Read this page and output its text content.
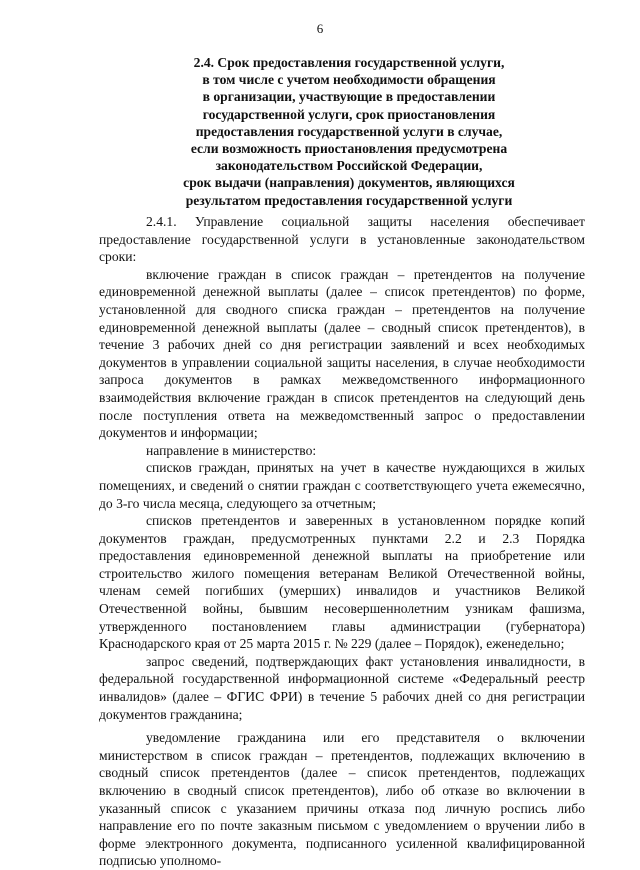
6
2.4. Срок предоставления государственной услуги,
в том числе с учетом необходимости обращения
в организации, участвующие в предоставлении
государственной услуги, срок приостановления
предоставления государственной услуги в случае,
если возможность приостановления предусмотрена
законодательством Российской Федерации,
срок выдачи (направления) документов, являющихся
результатом предоставления государственной услуги

2.4.1. Управление социальной защиты населения обеспечивает предоставление государственной услуги в установленные законодательством сроки:

включение граждан в список граждан – претендентов на получение единовременной денежной выплаты (далее – список претендентов) по форме, установленной для сводного списка граждан – претендентов на получение единовременной денежной выплаты (далее – сводный список претендентов), в течение 3 рабочих дней со дня регистрации заявлений и всех необходимых документов в управлении социальной защиты населения, в случае необходимости запроса документов в рамках межведомственного информационного взаимодействия включение граждан в список претендентов на следующий день после поступления ответа на межведомственный запрос о предоставлении документов и информации;

направление в министерство:

списков граждан, принятых на учет в качестве нуждающихся в жилых помещениях, и сведений о снятии граждан с соответствующего учета ежемесячно, до 3-го числа месяца, следующего за отчетным;

списков претендентов и заверенных в установленном порядке копий документов граждан, предусмотренных пунктами 2.2 и 2.3 Порядка предоставления единовременной денежной выплаты на приобретение или строительство жилого помещения ветеранам Великой Отечественной войны, членам семей погибших (умерших) инвалидов и участников Великой Отечественной войны, бывшим несовершеннолетним узникам фашизма, утвержденного постановлением главы администрации (губернатора) Краснодарского края от 25 марта 2015 г. № 229 (далее – Порядок), еженедельно;

запрос сведений, подтверждающих факт установления инвалидности, в федеральной государственной информационной системе «Федеральный реестр инвалидов» (далее – ФГИС ФРИ) в течение 5 рабочих дней со дня регистрации документов гражданина;

уведомление гражданина или его представителя о включении министерством в список граждан – претендентов, подлежащих включению в сводный список претендентов (далее – список претендентов, подлежащих включению в сводный список претендентов), либо об отказе во включении в указанный список с указанием причины отказа под личную роспись либо направление его по почте заказным письмом с уведомлением о вручении либо в форме электронного документа, подписанного усиленной квалифицированной подписью уполномо-
